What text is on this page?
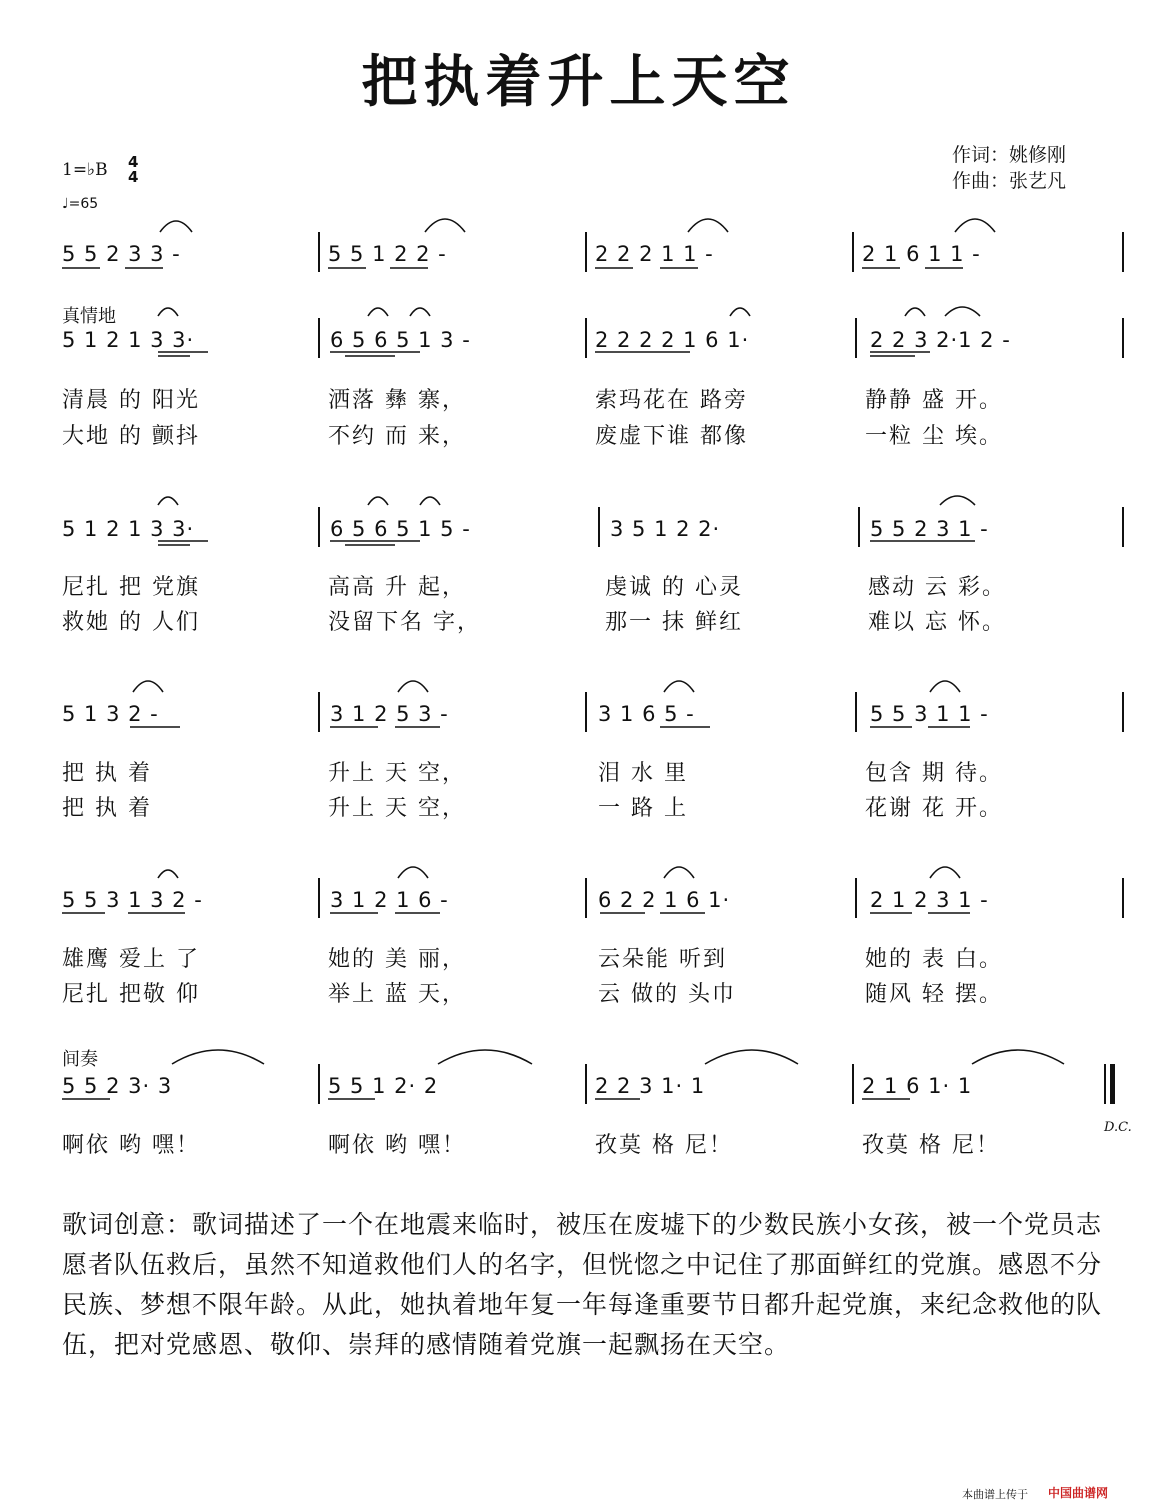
把执着升上天空
作词：姚修刚
作曲：张艺凡
1=♭B 4
4
♩=65
5 5 2 3 3 -	5 5 1 2 2 -	2 2 2 1 1 -	2 1 6 1 1 -
真情地
5 1 2 1 3 3·	6 5 6 5 1 3 -	2 2 2 2 1 6 1·	2 2 3 2·1 2 -
清晨 的 阳光	洒落 彝 寨，	索玛花在 路旁	静静 盛 开。
大地 的 颤抖	不约 而 来，	废虚下谁 都像	一粒 尘 埃。
5 1 2 1 3 3·	6 5 6 5 1 5 -	3 5 1 2 2·	5 5 2 3 1 -
尼扎 把 党旗	高高 升 起，	虔诚 的 心灵	感动 云 彩。
救她 的 人们	没留下名 字，	那一 抹 鲜红	难以 忘 怀。
5 1 3 2 -	3 1 2 5 3 -	3 1 6 5 -	5 5 3 1 1 -
把 执 着	升上 天 空，	泪 水 里	包含 期 待。
把 执 着	升上 天 空，	一 路 上	花谢 花 开。
5 5 3 1 3 2 -	3 1 2 1 6 -	6 2 2 1 6 1·	2 1 2 3 1 -
雄鹰 爱上 了	她的 美 丽，	云朵能 听到	她的 表 白。
尼扎 把敬 仰	举上 蓝 天，	云 做的 头巾	随风 轻 摆。
间奏
5 5 2 3· 3	5 5 1 2· 2	2 2 3 1· 1	2 1 6 1· 1
D.C.
啊依 哟 嘿！	啊依 哟 嘿！	孜莫 格 尼！	孜莫 格 尼！

歌词创意：歌词描述了一个在地震来临时，被压在废墟下的少数民族小女孩，被一个党员志愿者队伍救后，虽然不知道救他们人的名字，但恍惚之中记住了那面鲜红的党旗。感恩不分民族、梦想不限年龄。从此，她执着地年复一年每逢重要节日都升起党旗，来纪念救他的队伍，把对党感恩、敬仰、崇拜的感情随着党旗一起飘扬在天空。

本曲谱上传于 中国曲谱网
